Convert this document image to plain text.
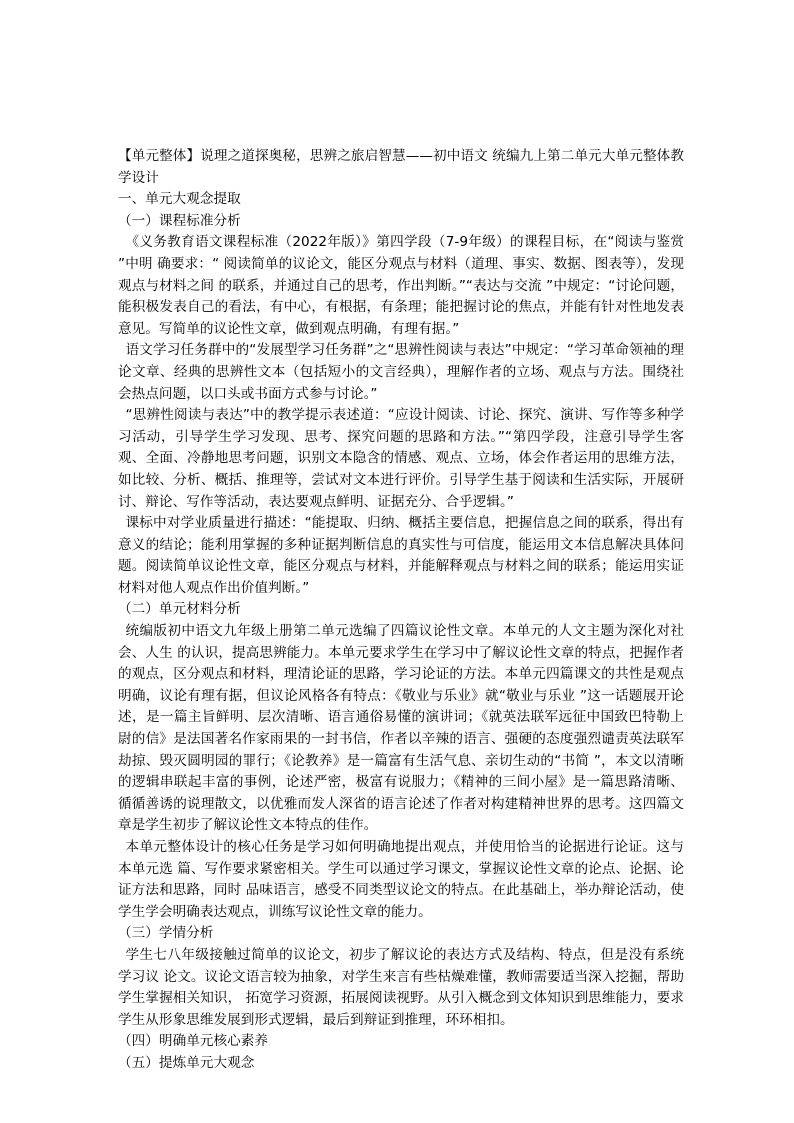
【单元整体】说理之道探奥秘，思辨之旅启智慧——初中语文 统编九上第二单元大单元整体教学设计

一、单元大观念提取

（一）课程标准分析

《义务教育语文课程标准（2022年版）》第四学段（7-9年级）的课程目标，在“阅读与鉴赏 ”中明 确要求：“ 阅读简单的议论文，能区分观点与材料（道理、事实、数据、图表等），发现观点与材料之间 的联系，并通过自己的思考，作出判断。”“表达与交流 ”中规定：“讨论问题，能积极发表自己的看法，有中心，有根据，有条理；能把握讨论的焦点，并能有针对性地发表意见。写简单的议论性文章，做到观点明确，有理有据。”

语文学习任务群中的“发展型学习任务群”之“思辨性阅读与表达”中规定：“学习革命领袖的理论文章、经典的思辨性文本（包括短小的文言经典），理解作者的立场、观点与方法。围绕社会热点问题，以口头或书面方式参与讨论。”

“思辨性阅读与表达”中的教学提示表述道：“应设计阅读、讨论、探究、演讲、写作等多种学习活动，引导学生学习发现、思考、探究问题的思路和方法。”“第四学段，注意引导学生客观、全面、冷静地思考问题，识别文本隐含的情感、观点、立场，体会作者运用的思维方法，如比较、分析、概括、推理等，尝试对文本进行评价。引导学生基于阅读和生活实际，开展研讨、辩论、写作等活动，表达要观点鲜明、证据充分、合乎逻辑。”

课标中对学业质量进行描述：“能提取、归纳、概括主要信息，把握信息之间的联系，得出有意义的结论；能利用掌握的多种证据判断信息的真实性与可信度，能运用文本信息解决具体问题。阅读简单议论性文章，能区分观点与材料，并能解释观点与材料之间的联系；能运用实证材料对他人观点作出价值判断。”

（二）单元材料分析

统编版初中语文九年级上册第二单元选编了四篇议论性文章。本单元的人文主题为深化对社会、人生 的认识，提高思辨能力。本单元要求学生在学习中了解议论性文章的特点，把握作者的观点，区分观点和材料，理清论证的思路，学习论证的方法。本单元四篇课文的共性是观点明确，议论有理有据，但议论风格各有特点：《敬业与乐业》就“敬业与乐业 ”这一话题展开论述，是一篇主旨鲜明、层次清晰、语言通俗易懂的演讲词；《就英法联军远征中国致巴特勒上尉的信》是法国著名作家雨果的一封书信，作者以辛辣的语言、强硬的态度强烈谴责英法联军劫掠、毁灭圆明园的罪行；《论教养》是一篇富有生活气息、亲切生动的“书简 ”，本文以清晰的逻辑串联起丰富的事例，论述严密，极富有说服力；《精神的三间小屋》是一篇思路清晰、循循善诱的说理散文，以优雅而发人深省的语言论述了作者对构建精神世界的思考。这四篇文章是学生初步了解议论性文本特点的佳作。

本单元整体设计的核心任务是学习如何明确地提出观点，并使用恰当的论据进行论证。这与本单元选 篇、写作要求紧密相关。学生可以通过学习课文，掌握议论性文章的论点、论据、论证方法和思路，同时 品味语言，感受不同类型议论文的特点。在此基础上，举办辩论活动，使学生学会明确表达观点，训练写议论性文章的能力。

（三）学情分析

学生七八年级接触过简单的议论文，初步了解议论的表达方式及结构、特点，但是没有系统学习议 论文。议论文语言较为抽象，对学生来言有些枯燥难懂，教师需要适当深入挖掘，帮助学生掌握相关知识， 拓宽学习资源，拓展阅读视野。从引入概念到文体知识到思维能力，要求学生从形象思维发展到形式逻辑，最后到辩证到推理，环环相扣。

（四）明确单元核心素养

（五）提炼单元大观念
